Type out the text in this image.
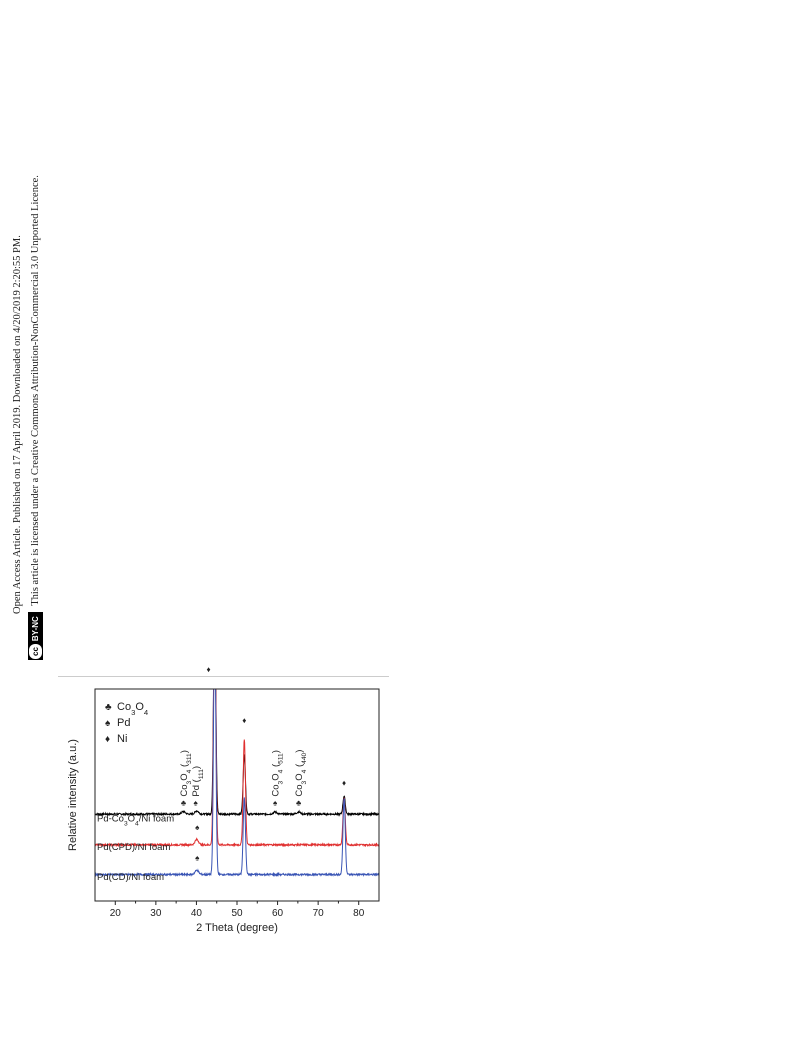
Open Access Article. Published on 17 April 2019. Downloaded on 4/20/2019 2:20:55 PM.
ccBY-NC This article is licensed under a Creative Commons Attribution-NonCommercial 3.0 Unported Licence.
20	30	40	50	60	70	80
2 Theta (degree)
Relative intensity (a.u.)
♣ $Co_3O_4$
♠ Pd
♦ Ni
♣
$Co_3O_4$ $(_{311})$
♠
Pd $(_{111})$
♠
$Co_3O_4$ $(_{511})$
♣
$Co_3O_4$ $(_{440})$
♦
♦
♦
♠
♠
$Pd-Co_3O_4/Ni$ foam
Pd(CPD)/Ni foam
Pd(CD)/Ni foam
